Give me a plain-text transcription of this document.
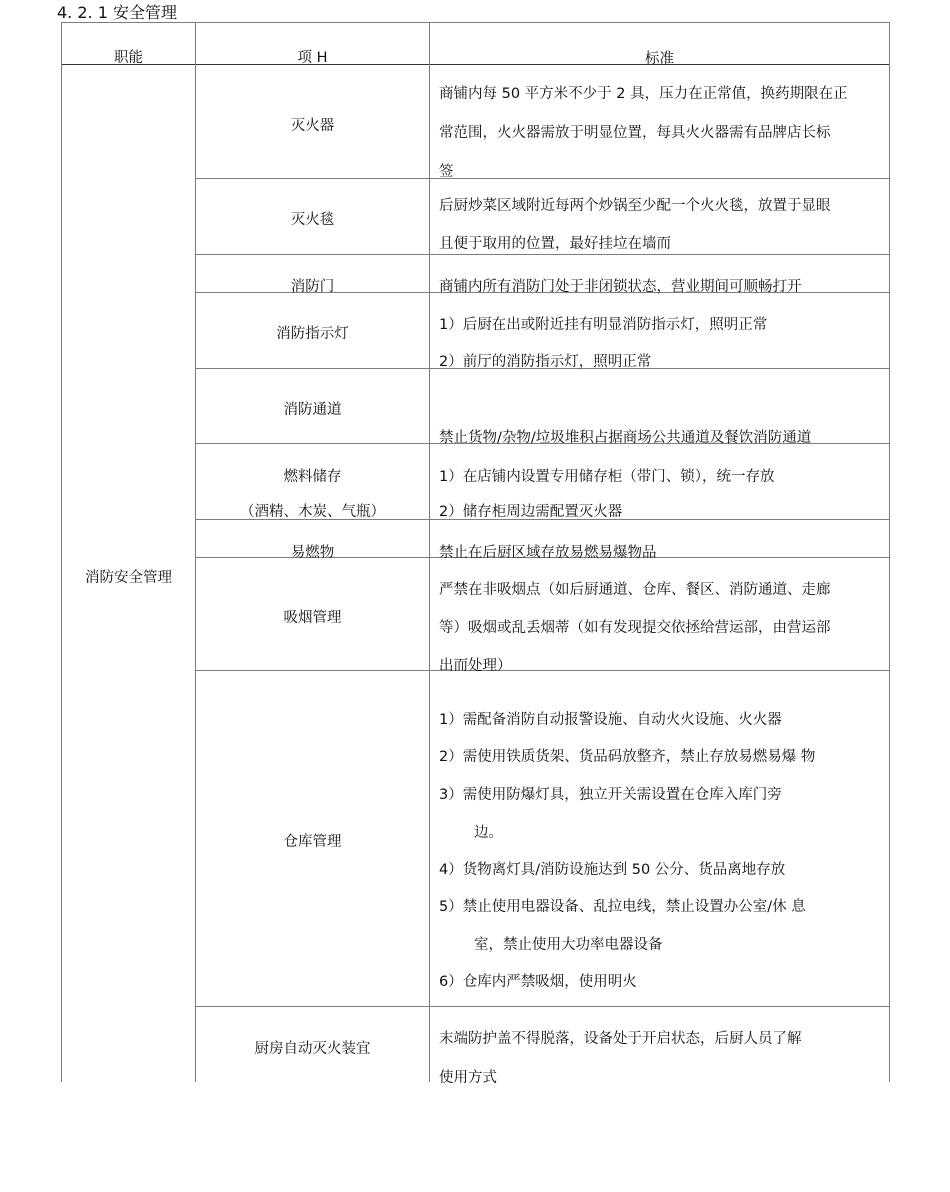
4. 2. 1 安全管理
职能	项 H	标准
消防安全管理
灭火器
灭火毯
消防门
消防指示灯
消防通道
燃料储存
（酒精、木炭、气瓶）
易燃物
吸烟管理
仓库管理
厨房自动灭火装宜
商铺内每 50 平方米不少于 2 具，压力在正常值，换药期限在正
常范围，火火器需放于明显位置，每具火火器需有品牌店长标
签
后厨炒菜区域附近每两个炒锅至少配一个火火毯，放置于显眼
且便于取用的位置，最好挂垃在墙而
商铺内所有消防门处于非闭锁状态，营业期间可顺畅打开
1）后厨在出或附近挂有明显消防指示灯，照明正常
2）前厅的消防指示灯，照明正常
禁止货物/杂物/垃圾堆积占据商场公共通道及餐饮消防通道
1）在店铺内设置专用储存柜（带门、锁），统一存放
2）储存柜周边需配置灭火器
禁止在后厨区域存放易燃易爆物品
严禁在非吸烟点（如后厨通道、仓库、餐区、消防通道、走廊
等）吸烟或乱丢烟蒂（如有发现提交依拯给营运部，由营运部
出而处理）
1）需配备消防自动报警设施、自动火火设施、火火器
2）需使用铁质货架、货品码放整齐，禁止存放易燃易爆 物
3）需使用防爆灯具，独立开关需设置在仓库入库门旁
边。
4）货物离灯具/消防设施达到 50 公分、货品离地存放
5）禁止使用电器设备、乱拉电线，禁止设置办公室/休 息
室，禁止使用大功率电器设备
6）仓库内严禁吸烟，使用明火
末端防护盖不得脱落，设备处于开启状态，后厨人员了解
使用方式
